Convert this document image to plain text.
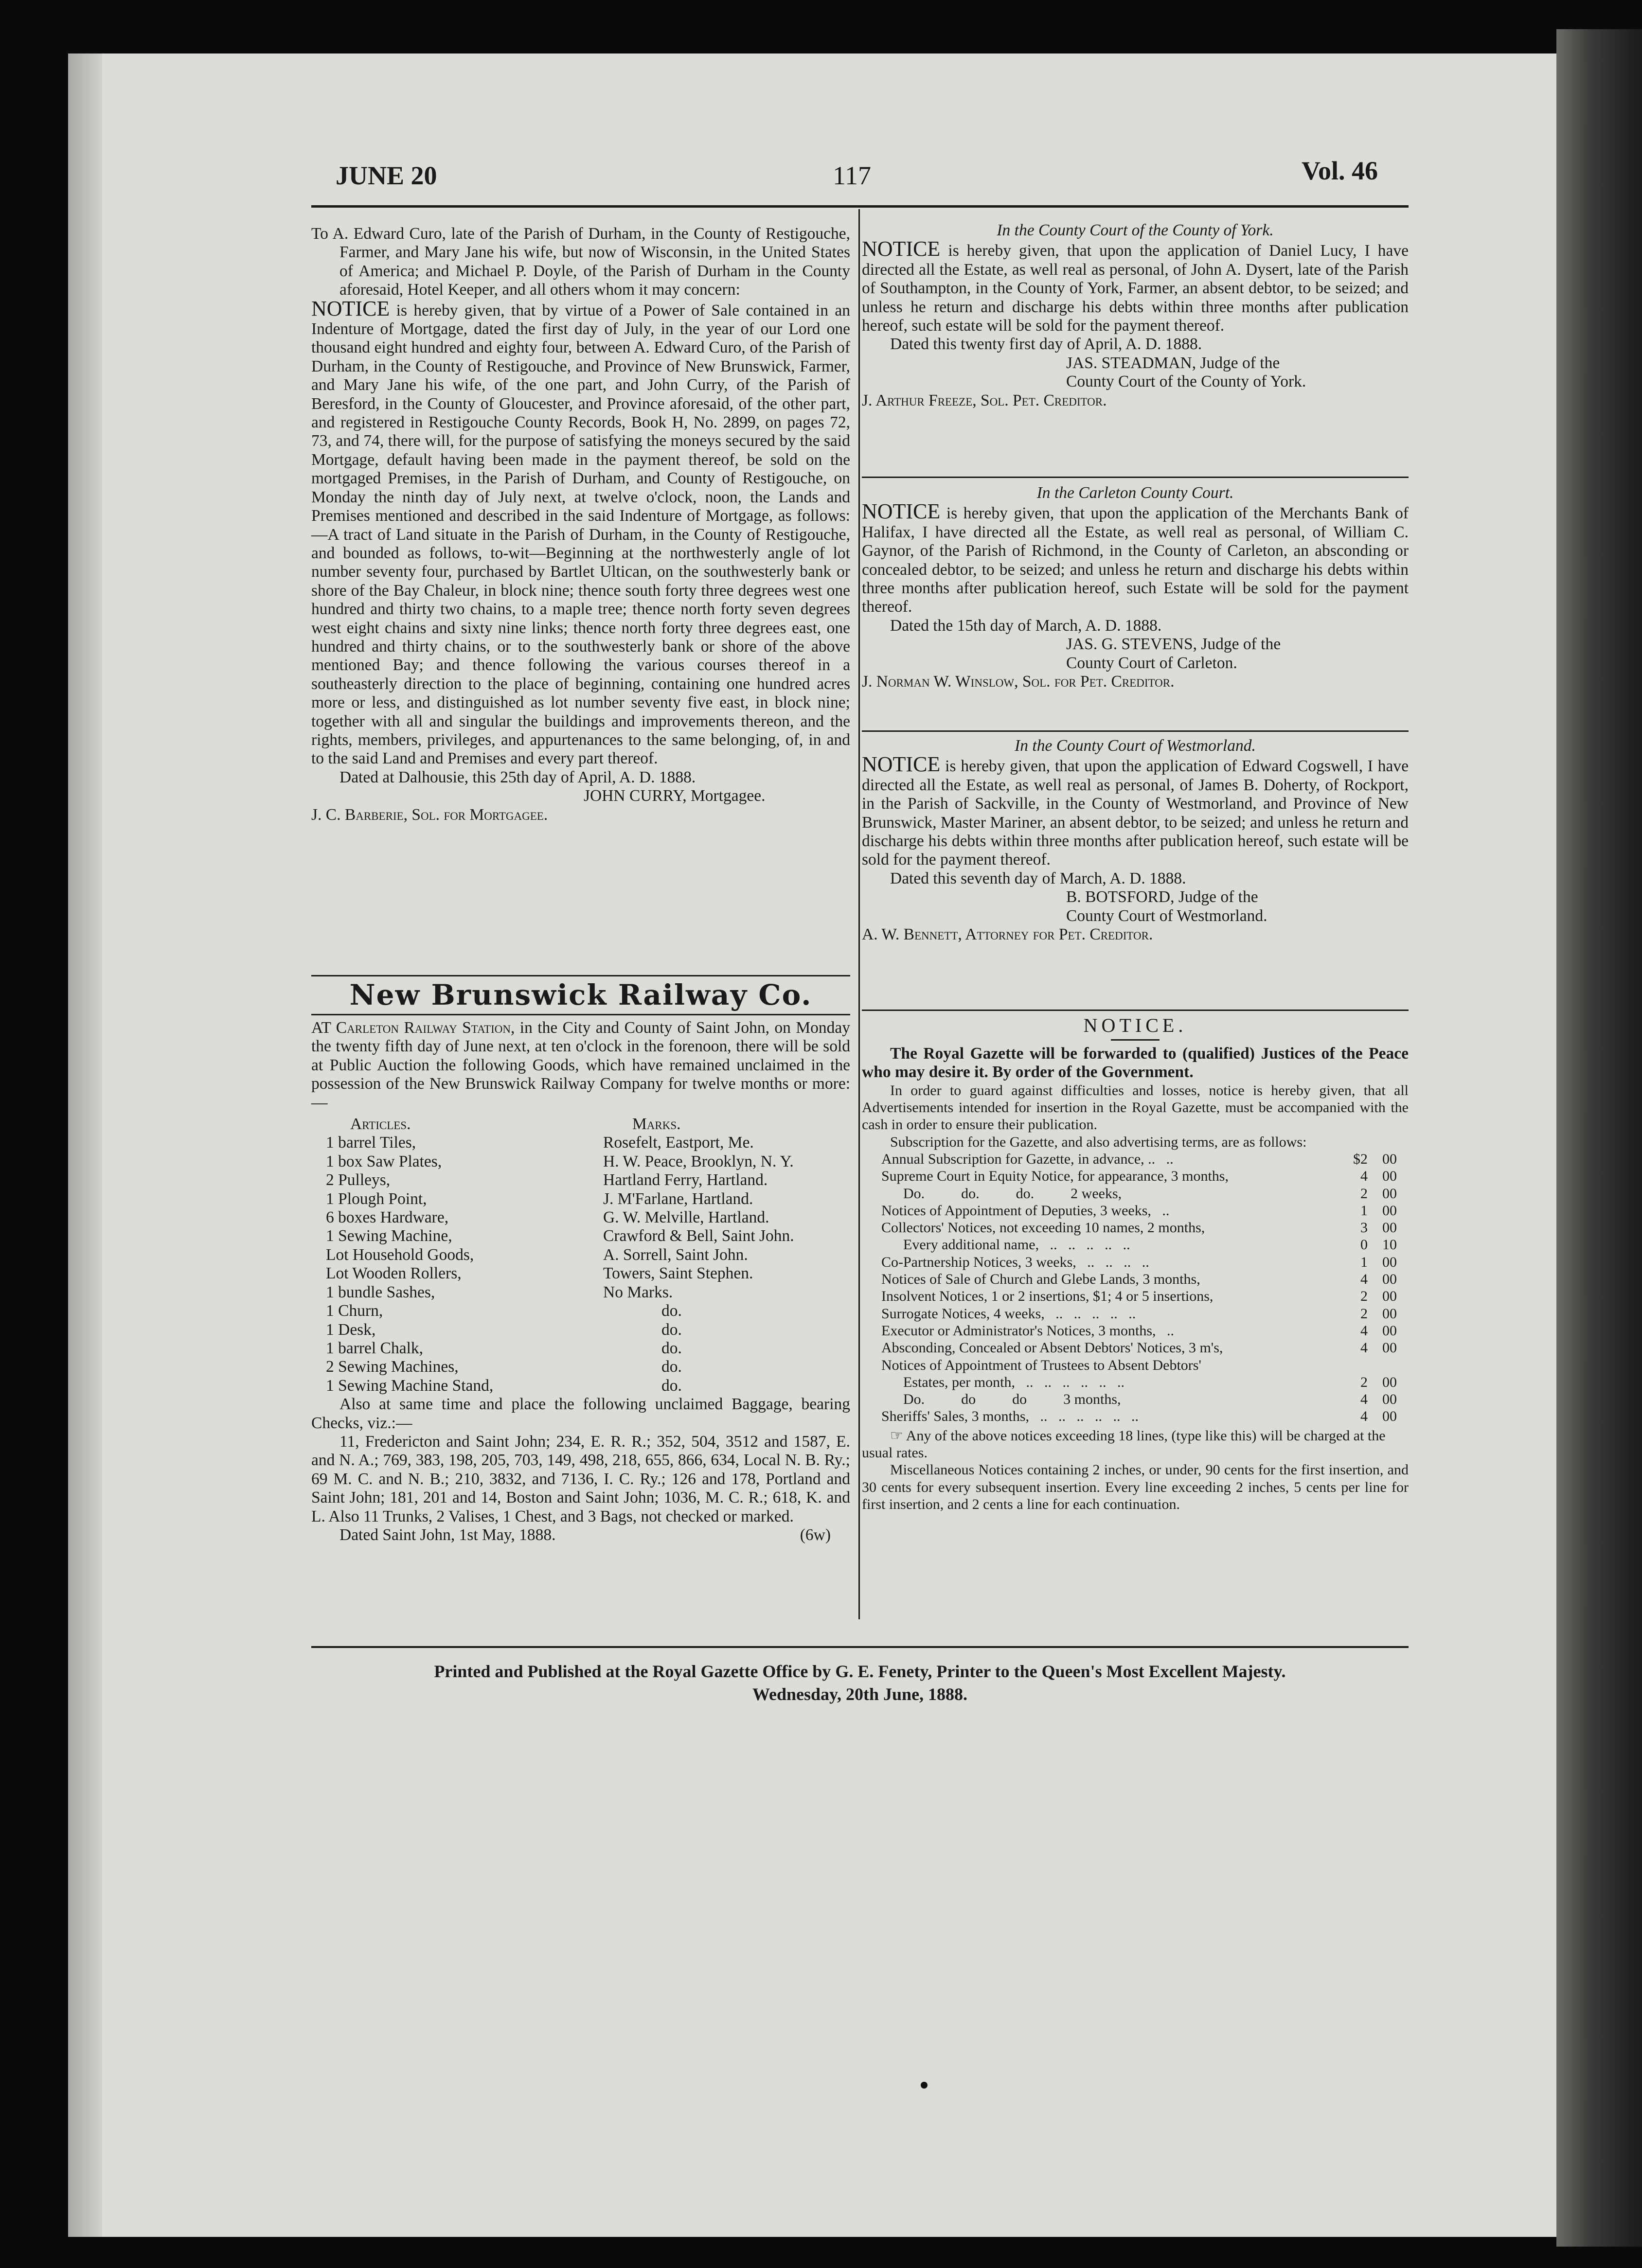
JUNE 20	117	Vol. 46

To A. Edward Curo, late of the Parish of Durham, in the County of Restigouche, Farmer, and Mary Jane his wife, but now of Wisconsin, in the United States of America; and Michael P. Doyle, of the Parish of Durham in the County aforesaid, Hotel Keeper, and all others whom it may concern:

NOTICE is hereby given, that by virtue of a Power of Sale contained in an Indenture of Mortgage, dated the first day of July, in the year of our Lord one thousand eight hundred and eighty four, between A. Edward Curo, of the Parish of Durham, in the County of Restigouche, and Province of New Brunswick, Farmer, and Mary Jane his wife, of the one part, and John Curry, of the Parish of Beresford, in the County of Gloucester, and Province aforesaid, of the other part, and registered in Restigouche County Records, Book H, No. 2899, on pages 72, 73, and 74, there will, for the purpose of satisfying the moneys secured by the said Mortgage, default having been made in the payment thereof, be sold on the mortgaged Premises, in the Parish of Durham, and County of Restigouche, on Monday the ninth day of July next, at twelve o'clock, noon, the Lands and Premises mentioned and described in the said Indenture of Mortgage, as follows:—A tract of Land situate in the Parish of Durham, in the County of Restigouche, and bounded as follows, to-wit—Beginning at the northwesterly angle of lot number seventy four, purchased by Bartlet Ultican, on the southwesterly bank or shore of the Bay Chaleur, in block nine; thence south forty three degrees west one hundred and thirty two chains, to a maple tree; thence north forty seven degrees west eight chains and sixty nine links; thence north forty three degrees east, one hundred and thirty chains, or to the southwesterly bank or shore of the above mentioned Bay; and thence following the various courses thereof in a southeasterly direction to the place of beginning, containing one hundred acres more or less, and distinguished as lot number seventy five east, in block nine; together with all and singular the buildings and improvements thereon, and the rights, members, privileges, and appurtenances to the same belonging, of, in and to the said Land and Premises and every part thereof.

Dated at Dalhousie, this 25th day of April, A. D. 1888.

JOHN CURRY, Mortgagee.

J. C. Barberie, Sol. for Mortgagee.

New Brunswick Railway Co.

AT Carleton Railway Station, in the City and County of Saint John, on Monday the twenty fifth day of June next, at ten o'clock in the forenoon, there will be sold at Public Auction the following Goods, which have remained unclaimed in the possession of the New Brunswick Railway Company for twelve months or more:—

Articles.	Marks.
1 barrel Tiles,	Rosefelt, Eastport, Me.
1 box Saw Plates,	H. W. Peace, Brooklyn, N. Y.
2 Pulleys,	Hartland Ferry, Hartland.
1 Plough Point,	J. M'Farlane, Hartland.
6 boxes Hardware,	G. W. Melville, Hartland.
1 Sewing Machine,	Crawford & Bell, Saint John.
Lot Household Goods,	A. Sorrell, Saint John.
Lot Wooden Rollers,	Towers, Saint Stephen.
1 bundle Sashes,	No Marks.
1 Churn,	do.
1 Desk,	do.
1 barrel Chalk,	do.
2 Sewing Machines,	do.
1 Sewing Machine Stand,	do.

Also at same time and place the following unclaimed Baggage, bearing Checks, viz.:—

11, Fredericton and Saint John; 234, E. R. R.; 352, 504, 3512 and 1587, E. and N. A.; 769, 383, 198, 205, 703, 149, 498, 218, 655, 866, 634, Local N. B. Ry.; 69 M. C. and N. B.; 210, 3832, and 7136, I. C. Ry.; 126 and 178, Portland and Saint John; 181, 201 and 14, Boston and Saint John; 1036, M. C. R.; 618, K. and L. Also 11 Trunks, 2 Valises, 1 Chest, and 3 Bags, not checked or marked.

Dated Saint John, 1st May, 1888.	(6w)

In the County Court of the County of York.

NOTICE is hereby given, that upon the application of Daniel Lucy, I have directed all the Estate, as well real as personal, of John A. Dysert, late of the Parish of Southampton, in the County of York, Farmer, an absent debtor, to be seized; and unless he return and discharge his debts within three months after publication hereof, such estate will be sold for the payment thereof.

Dated this twenty first day of April, A. D. 1888.

JAS. STEADMAN, Judge of the

County Court of the County of York.

J. Arthur Freeze, Sol. Pet. Creditor.

In the Carleton County Court.

NOTICE is hereby given, that upon the application of the Merchants Bank of Halifax, I have directed all the Estate, as well real as personal, of William C. Gaynor, of the Parish of Richmond, in the County of Carleton, an absconding or concealed debtor, to be seized; and unless he return and discharge his debts within three months after publication hereof, such Estate will be sold for the payment thereof.

Dated the 15th day of March, A. D. 1888.

JAS. G. STEVENS, Judge of the

County Court of Carleton.

J. Norman W. Winslow, Sol. for Pet. Creditor.

In the County Court of Westmorland.

NOTICE is hereby given, that upon the application of Edward Cogswell, I have directed all the Estate, as well real as personal, of James B. Doherty, of Rockport, in the Parish of Sackville, in the County of Westmorland, and Province of New Brunswick, Master Mariner, an absent debtor, to be seized; and unless he return and discharge his debts within three months after publication hereof, such estate will be sold for the payment thereof.

Dated this seventh day of March, A. D. 1888.

B. BOTSFORD, Judge of the

County Court of Westmorland.

A. W. Bennett, Attorney for Pet. Creditor.

NOTICE.

The Royal Gazette will be forwarded to (qualified) Justices of the Peace who may desire it. By order of the Government.

In order to guard against difficulties and losses, notice is hereby given, that all Advertisements intended for insertion in the Royal Gazette, must be accompanied with the cash in order to ensure their publication.

Subscription for the Gazette, and also advertising terms, are as follows:

Annual Subscription for Gazette, in advance, ..   ..	$2	00
Supreme Court in Equity Notice, for appearance, 3 months,	4	00
Do.          do.          do.          2 weeks,	2	00
Notices of Appointment of Deputies, 3 weeks,   ..	1	00
Collectors' Notices, not exceeding 10 names, 2 months,	3	00
Every additional name,   ..   ..   ..   ..   ..	0	10
Co-Partnership Notices, 3 weeks,   ..   ..   ..   ..	1	00
Notices of Sale of Church and Glebe Lands, 3 months,	4	00
Insolvent Notices, 1 or 2 insertions, $1; 4 or 5 insertions,	2	00
Surrogate Notices, 4 weeks,   ..   ..   ..   ..   ..	2	00
Executor or Administrator's Notices, 3 months,   ..	4	00
Absconding, Concealed or Absent Debtors' Notices, 3 m's,	4	00
Notices of Appointment of Trustees to Absent Debtors'		
Estates, per month,   ..   ..   ..   ..   ..   ..	2	00
Do.          do          do          3 months,	4	00
Sheriffs' Sales, 3 months,   ..   ..   ..   ..   ..   ..	4	00

☞ Any of the above notices exceeding 18 lines, (type like this) will be charged at the usual rates.

Miscellaneous Notices containing 2 inches, or under, 90 cents for the first insertion, and 30 cents for every subsequent insertion. Every line exceeding 2 inches, 5 cents per line for first insertion, and 2 cents a line for each continuation.

Printed and Published at the Royal Gazette Office by G. E. Fenety, Printer to the Queen's Most Excellent Majesty.
Wednesday, 20th June, 1888.
